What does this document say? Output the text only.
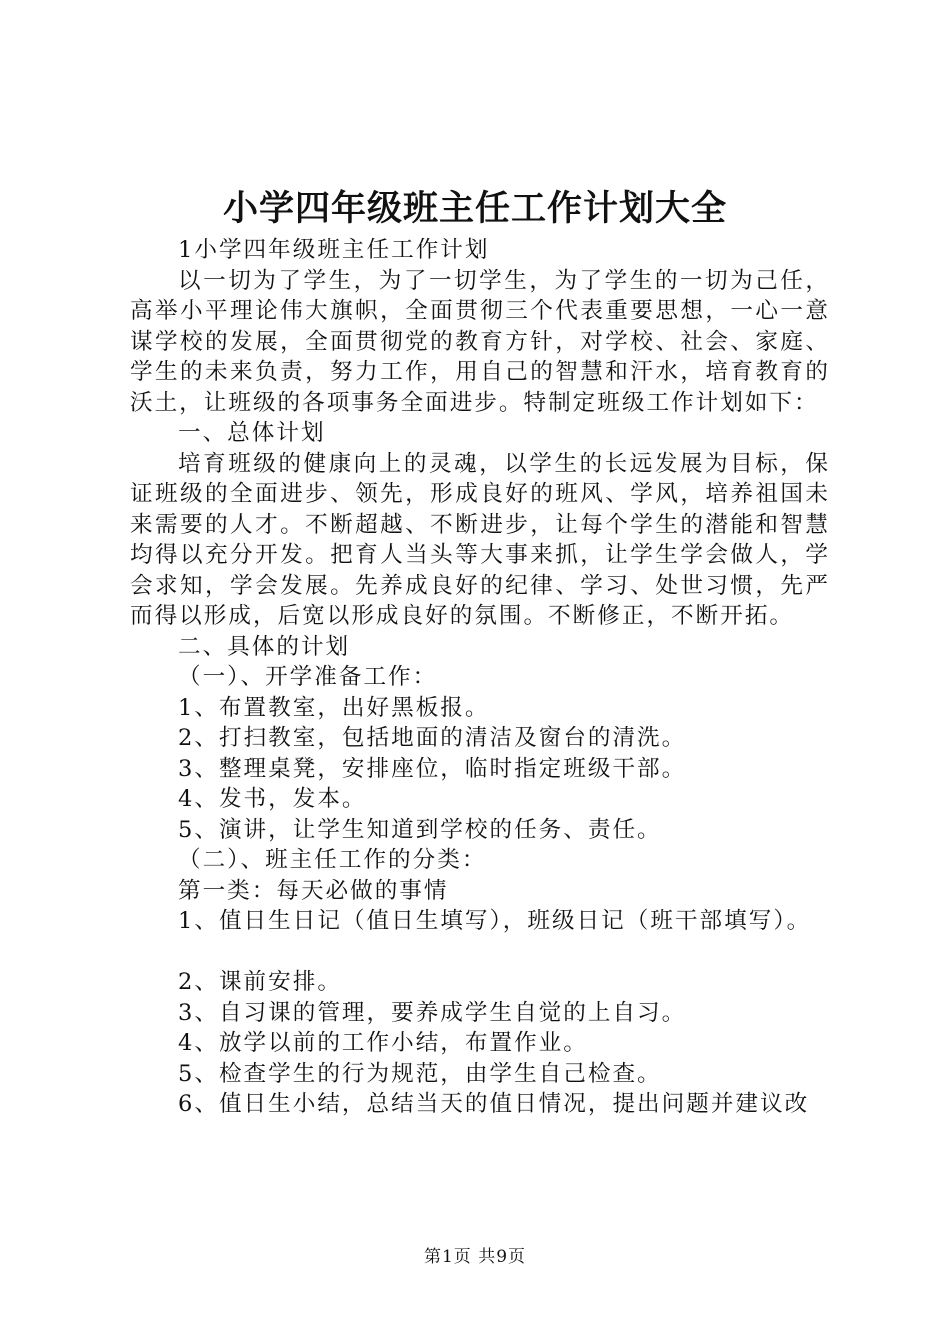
小学四年级班主任工作计划大全

1小学四年级班主任工作计划

以一切为了学生，为了一切学生，为了学生的一切为己任，高举小平理论伟大旗帜，全面贯彻三个代表重要思想，一心一意谋学校的发展，全面贯彻党的教育方针，对学校、社会、家庭、学生的未来负责，努力工作，用自己的智慧和汗水，培育教育的沃土，让班级的各项事务全面进步。特制定班级工作计划如下：

一、总体计划

培育班级的健康向上的灵魂，以学生的长远发展为目标，保证班级的全面进步、领先，形成良好的班风、学风，培养祖国未来需要的人才。不断超越、不断进步，让每个学生的潜能和智慧均得以充分开发。把育人当头等大事来抓，让学生学会做人，学会求知，学会发展。先养成良好的纪律、学习、处世习惯，先严而得以形成，后宽以形成良好的氛围。不断修正，不断开拓。

二、具体的计划

（一）、开学准备工作：

1、布置教室，出好黑板报。

2、打扫教室，包括地面的清洁及窗台的清洗。

3、整理桌凳，安排座位，临时指定班级干部。

4、发书，发本。

5、演讲，让学生知道到学校的任务、责任。

（二）、班主任工作的分类：

第一类：每天必做的事情

1、值日生日记（值日生填写），班级日记（班干部填写）。

2、课前安排。

3、自习课的管理，要养成学生自觉的上自习。

4、放学以前的工作小结，布置作业。

5、检查学生的行为规范，由学生自己检查。

6、值日生小结，总结当天的值日情况，提出问题并建议改

第1页 共9页
